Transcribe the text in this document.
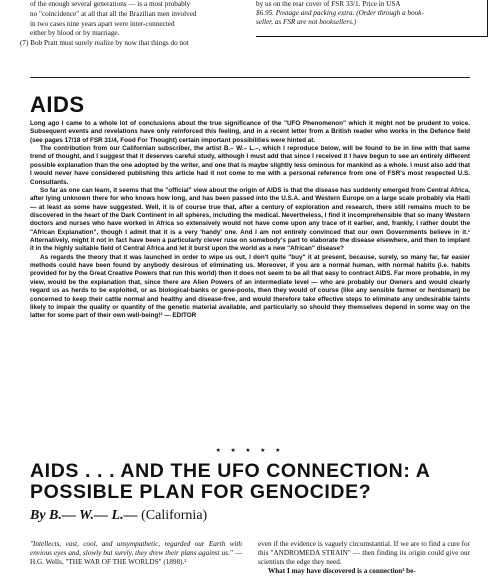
of the enough several generations — is a most probably

no "coincidence" at all that all the Brazilian men involved

in two cases nine years apart were inter-connected

either by blood or by marriage.

(7) Bob Pratt must surely realize by now that things do not

by us on the rear cover of FSR 33/1. Price in USA

$6.95. Postage and packing extra. (Order through a book-

seller, as FSR are not booksellers.)

AIDS

Long ago I came to a whole lot of conclusions about the true significance of the "UFO Phenomenon" which it might not be prudent to voice. Subsequent events and revelations have only reinforced this feeling, and in a recent letter from a British reader who works in the Defence field (see pages 17/18 of FSR 31/4, Food For Thought) certain important possibilities were hinted at.

The contribution from our Californian subscriber, the artist B.– W.– L.–, which I reproduce below, will be found to be in line with that same trend of thought, and I suggest that it deserves careful study, although I must add that since I received it I have begun to see an entirely different possible explanation than the one adopted by the writer, and one that is maybe slightly less ominous for mankind as a whole. I must also add that I would never have considered publishing this article had it not come to me with a personal reference from one of FSR's most respected U.S. Consultants.

So far as one can learn, it seems that the "official" view about the origin of AIDS is that the disease has suddenly emerged from Central Africa, after lying unknown there for who knows how long, and has been passed into the U.S.A. and Western Europe on a large scale probably via Haiti — at least as some have suggested. Well, it is of course true that, after a century of exploration and research, there still remains much to be discovered in the heart of the Dark Continent in all spheres, including the medical. Nevertheless, I find it incomprehensible that so many Western doctors and nurses who have worked in Africa so extensively would not have come upon any trace of it earlier, and, frankly, I rather doubt the "African Explanation", though I admit that it is a very 'handy' one. And I am not entirely convinced that our own Governments believe in it.¹ Alternatively, might it not in fact have been a particularly clever ruse on somebody's part to elaborate the disease elsewhere, and then to implant it in the highly suitable field of Central Africa and let it burst upon the world as a new "African" disease?

As regards the theory that it was launched in order to wipe us out, I don't quite "buy" it at present, because, surely, so many far, far easier methods could have been found by anybody desirous of eliminating us. Moreover, if you are a normal human, with normal habits (i.e. habits provided for by the Great Creative Powers that run this world) then it does not seem to be all that easy to contract AIDS. Far more probable, in my view, would be the explanation that, since there are Alien Powers of an intermediate level — who are probably our Owners and would clearly regard us as herds to be exploited, or as biological-banks or gene-pools, then they would of course (like any sensible farmer or herdsman) be concerned to keep their cattle normal and healthy and disease-free, and would therefore take effective steps to eliminate any undesirable taints likely to impair the quality or quantity of the genetic material available, and particularly so should they themselves depend in some way on the latter for some part of their own well-being!² — EDITOR

★ ★ ★ ★ ★
AIDS . . . AND THE UFO CONNECTION: A POSSIBLE PLAN FOR GENOCIDE?
By B.— W.— L.— (California)
"Intellects, vast, cool, and unsympathetic, regarded our Earth with envious eyes and, slowly but surely, they drew their plans against us." — H.G. Wells, "THE WAR OF THE WORLDS" (1898).²

even if the evidence is vaguely circumstantial. If we are to find a cure for this "ANDROMEDA STRAIN" — then finding its origin could give our scientists the edge they need.

What I may have discovered is a connection³ be-
